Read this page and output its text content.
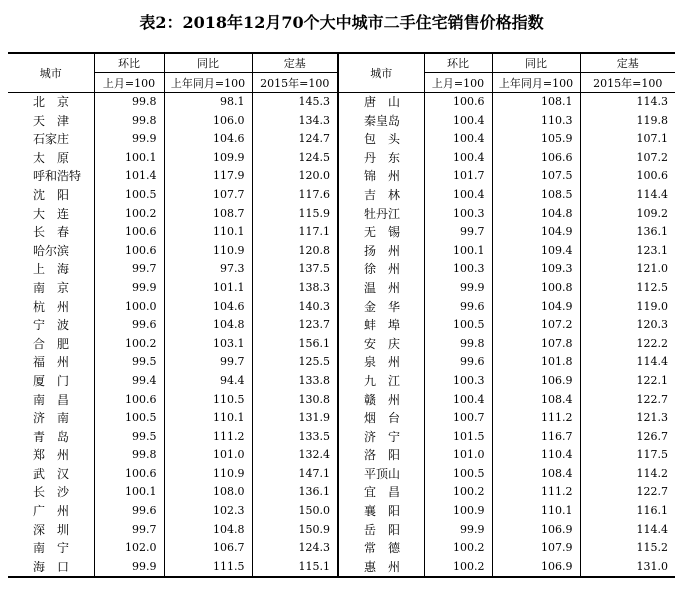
表2：2018年12月70个大中城市二手住宅销售价格指数
城市	环比	同比	定基	城市	环比	同比	定基
	上月=100	上年同月=100	2015年=100		上月=100	上年同月=100	2015年=100
北　京	99.8	98.1	145.3	唐　山	100.6	108.1	114.3
天　津	99.8	106.0	134.3	秦皇岛	100.4	110.3	119.8
石家庄	99.9	104.6	124.7	包　头	100.4	105.9	107.1
太　原	100.1	109.9	124.5	丹　东	100.4	106.6	107.2
呼和浩特	101.4	117.9	120.0	锦　州	101.7	107.5	100.6
沈　阳	100.5	107.7	117.6	吉　林	100.4	108.5	114.4
大　连	100.2	108.7	115.9	牡丹江	100.3	104.8	109.2
长　春	100.6	110.1	117.1	无　锡	99.7	104.9	136.1
哈尔滨	100.6	110.9	120.8	扬　州	100.1	109.4	123.1
上　海	99.7	97.3	137.5	徐　州	100.3	109.3	121.0
南　京	99.9	101.1	138.3	温　州	99.9	100.8	112.5
杭　州	100.0	104.6	140.3	金　华	99.6	104.9	119.0
宁　波	99.6	104.8	123.7	蚌　埠	100.5	107.2	120.3
合　肥	100.2	103.1	156.1	安　庆	99.8	107.8	122.2
福　州	99.5	99.7	125.5	泉　州	99.6	101.8	114.4
厦　门	99.4	94.4	133.8	九　江	100.3	106.9	122.1
南　昌	100.6	110.5	130.8	赣　州	100.4	108.4	122.7
济　南	100.5	110.1	131.9	烟　台	100.7	111.2	121.3
青　岛	99.5	111.2	133.5	济　宁	101.5	116.7	126.7
郑　州	99.8	101.0	132.4	洛　阳	101.0	110.4	117.5
武　汉	100.6	110.9	147.1	平顶山	100.5	108.4	114.2
长　沙	100.1	108.0	136.1	宜　昌	100.2	111.2	122.7
广　州	99.6	102.3	150.0	襄　阳	100.9	110.1	116.1
深　圳	99.7	104.8	150.9	岳　阳	99.9	106.9	114.4
南　宁	102.0	106.7	124.3	常　德	100.2	107.9	115.2
海　口	99.9	111.5	115.1	惠　州	100.2	106.9	131.0
